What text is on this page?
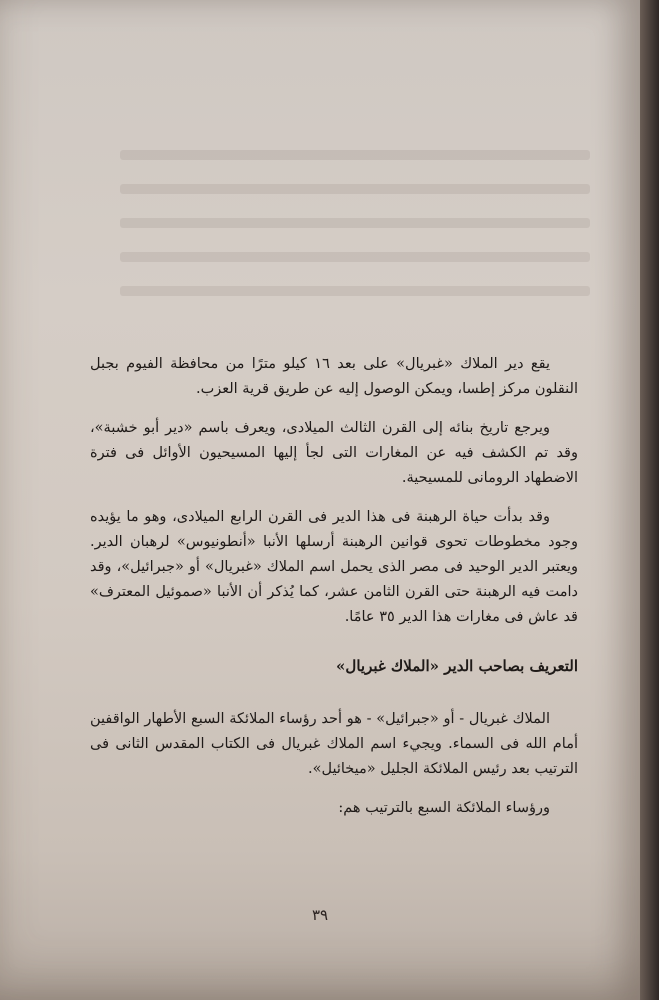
يقع دير الملاك «غبريال» على بعد ١٦ كيلو مترًا من محافظة الفيوم بجبل النقلون مركز إطسا، ويمكن الوصول إليه عن طريق قرية العزب.

ويرجع تاريخ بنائه إلى القرن الثالث الميلادى، ويعرف باسم «دير أبو خشبة»، وقد تم الكشف فيه عن المغارات التى لجأ إليها المسيحيون الأوائل فى فترة الاضطهاد الرومانى للمسيحية.

وقد بدأت حياة الرهبنة فى هذا الدير فى القرن الرابع الميلادى، وهو ما يؤيده وجود مخطوطات تحوى قوانين الرهبنة أرسلها الأنبا «أنطونيوس» لرهبان الدير. ويعتبر الدير الوحيد فى مصر الذى يحمل اسم الملاك «غبريال» أو «جبرائيل»، وقد دامت فيه الرهبنة حتى القرن الثامن عشر، كما يُذكر أن الأنبا «صموئيل المعترف» قد عاش فى مغارات هذا الدير ٣٥ عامًا.

التعريف بصاحب الدير «الملاك غبريال»

الملاك غبريال - أو «جبرائيل» - هو أحد رؤساء الملائكة السبع الأطهار الواقفين أمام الله فى السماء. ويجيء اسم الملاك غبريال فى الكتاب المقدس الثانى فى الترتيب بعد رئيس الملائكة الجليل «ميخائيل».

ورؤساء الملائكة السبع بالترتيب هم:

٣٩
